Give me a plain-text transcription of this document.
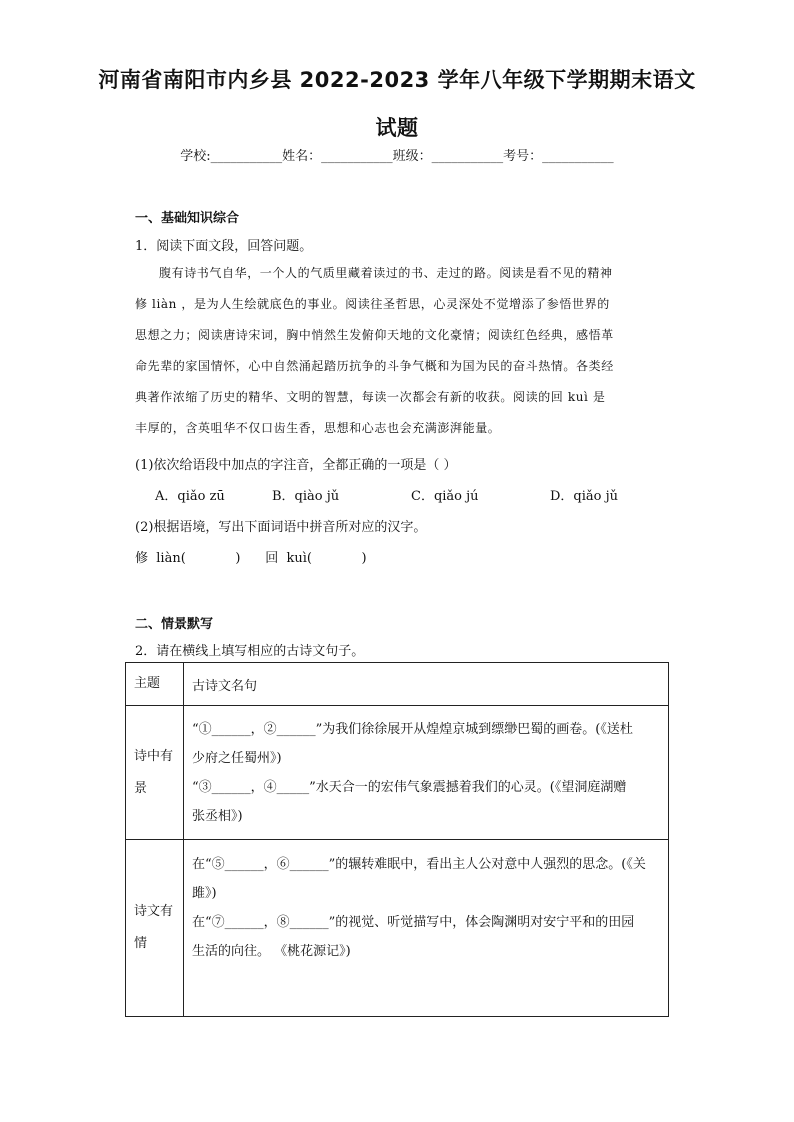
河南省南阳市内乡县 2022-2023 学年八年级下学期期末语文
试题
学校:___________姓名：___________班级：___________考号：___________
一、基础知识综合
1．阅读下面文段，回答问题。

腹有诗书气自华，一个人的气质里藏着读过的书、走过的路。阅读是看不见的精神

修 liàn ，是为人生绘就底色的事业。阅读往圣哲思，心灵深处不觉增添了参悟世界的

思想之力；阅读唐诗宋词，胸中悄然生发俯仰天地的文化豪情；阅读红色经典，感悟革

命先辈的家国情怀，心中自然涌起踏历抗争的斗争气概和为国为民的奋斗热情。各类经

典著作浓缩了历史的精华、文明的智慧，每读一次都会有新的收获。阅读的回 kuì 是

丰厚的，含英咀华不仅口齿生香，思想和心志也会充满澎湃能量。

(1)依次给语段中加点的字注音，全都正确的一项是（ ）
A．qiǎo zū	B．qiào jǔ	C．qiǎo jú	D．qiǎo jǔ
(2)根据语境，写出下面词语中拼音所对应的汉字。
修  liàn(            )      回  kuì(            )
二、情景默写
2．请在横线上填写相应的古诗文句子。
主题	古诗文名句
诗中有景	“①______，②______”为我们徐徐展开从煌煌京城到缥缈巴蜀的画卷。(《送杜

少府之任蜀州》)

“③______，④_____”水天合一的宏伟气象震撼着我们的心灵。(《望洞庭湖赠

张丞相》)

诗文有情	在“⑤______，⑥______”的辗转难眠中，看出主人公对意中人强烈的思念。(《关

雎》)

在“⑦______，⑧______”的视觉、听觉描写中，体会陶渊明对安宁平和的田园

生活的向往。 《桃花源记》)
